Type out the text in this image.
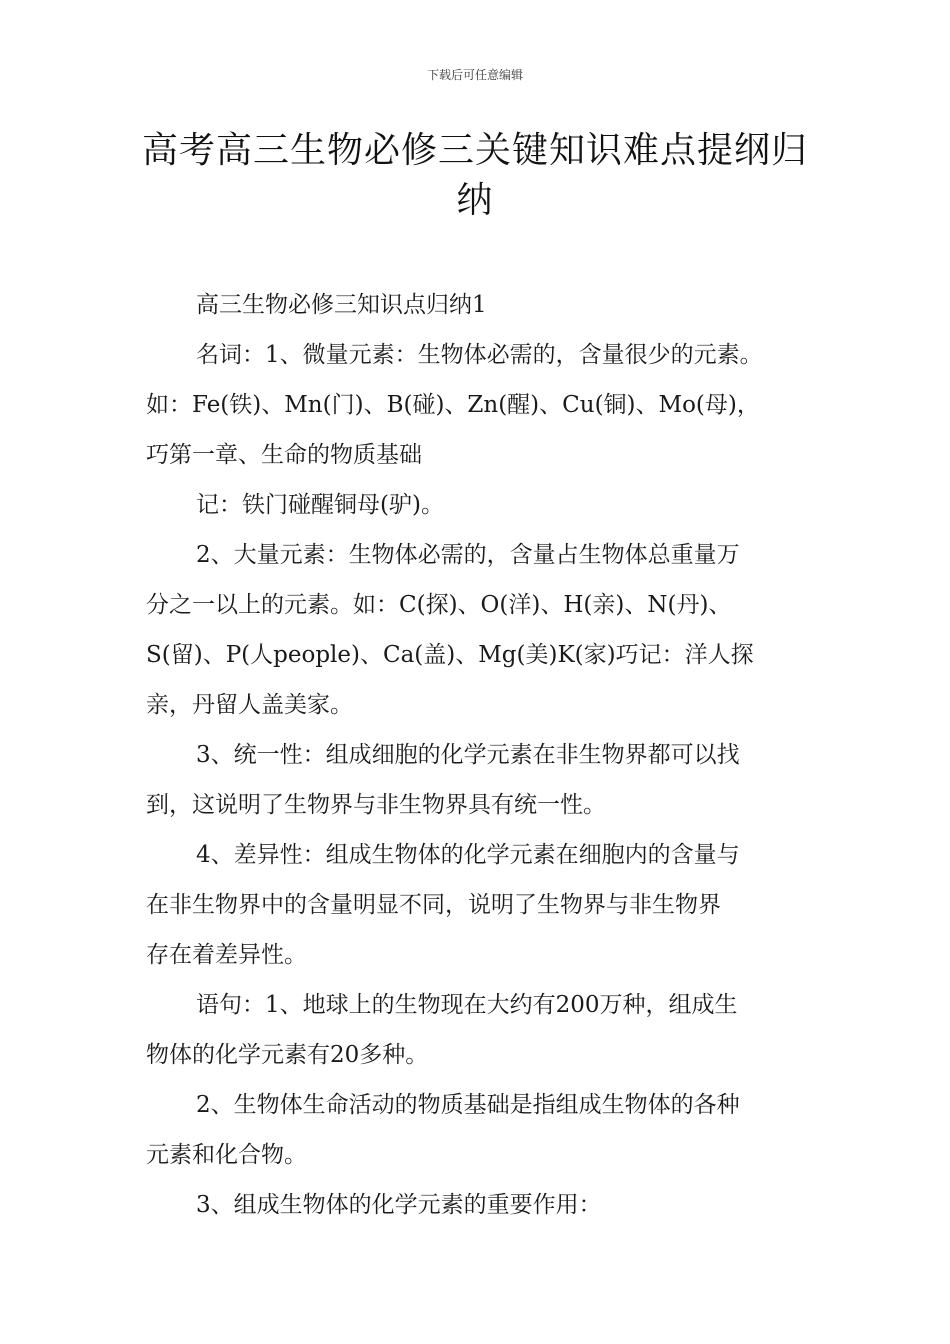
下载后可任意编辑
高考高三生物必修三关键知识难点提纲归
纳
高三生物必修三知识点归纳1
名词：1、微量元素：生物体必需的，含量很少的元素。
如：Fe(铁)、Mn(门)、B(碰)、Zn(醒)、Cu(铜)、Mo(母)，
巧第一章、生命的物质基础
记：铁门碰醒铜母(驴)。
2、大量元素：生物体必需的，含量占生物体总重量万
分之一以上的元素。如：C(探)、O(洋)、H(亲)、N(丹)、
S(留)、P(人people)、Ca(盖)、Mg(美)K(家)巧记：洋人探
亲，丹留人盖美家。
3、统一性：组成细胞的化学元素在非生物界都可以找
到，这说明了生物界与非生物界具有统一性。
4、差异性：组成生物体的化学元素在细胞内的含量与
在非生物界中的含量明显不同，说明了生物界与非生物界
存在着差异性。
语句：1、地球上的生物现在大约有200万种，组成生
物体的化学元素有20多种。
2、生物体生命活动的物质基础是指组成生物体的各种
元素和化合物。
3、组成生物体的化学元素的重要作用：
